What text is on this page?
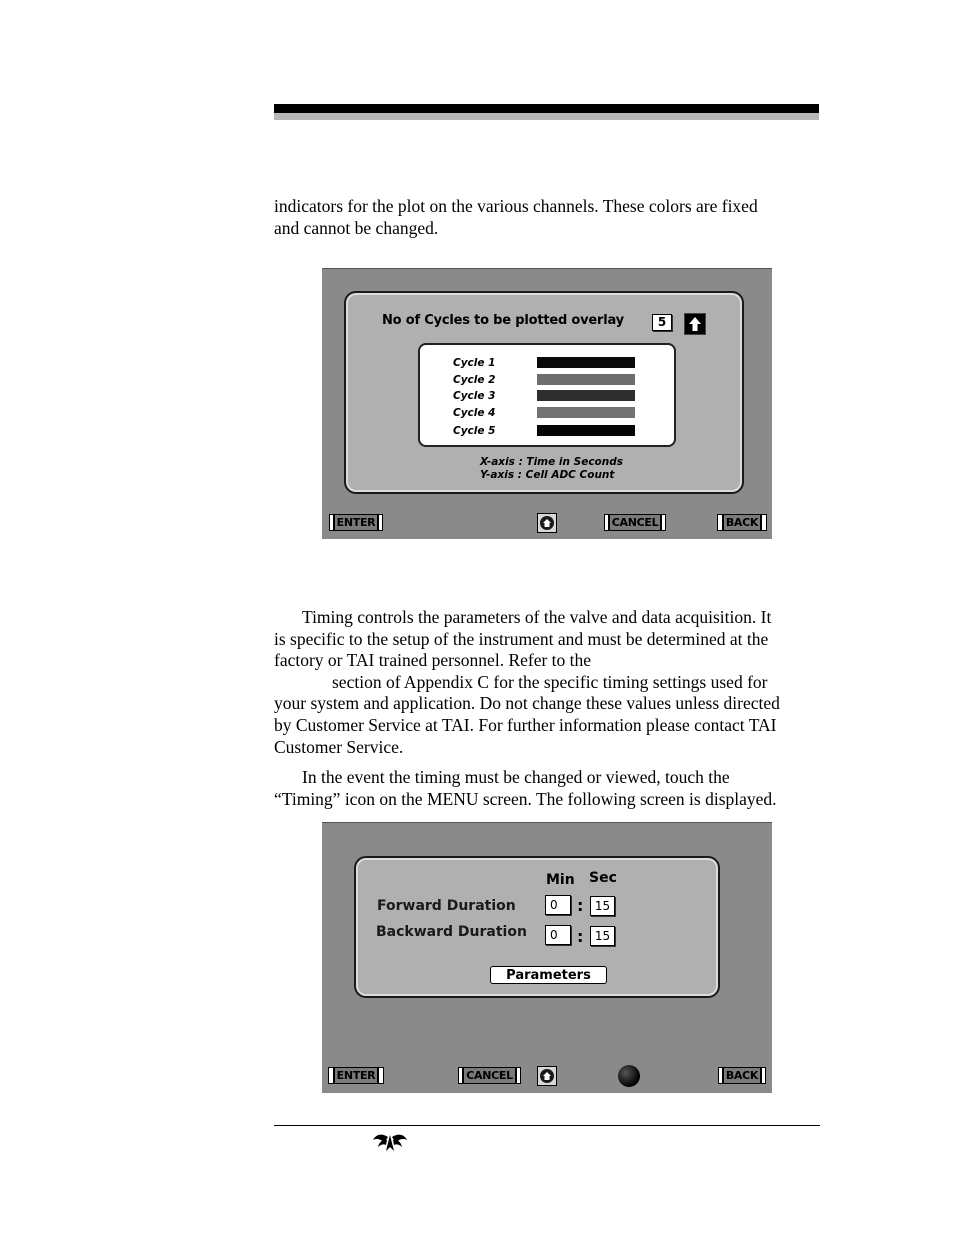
indicators for the plot on the various channels. These colors are fixed
and cannot be changed.

No of Cycles to be plotted overlay	5
Cycle 1
Cycle 2
Cycle 3
Cycle 4
Cycle 5
X-axis : Time in Seconds
Y-axis : Cell ADC Count
ENTER	CANCEL	BACK

Timing controls the parameters of the valve and data acquisition. It
is specific to the setup of the instrument and must be determined at the
factory or TAI trained personnel. Refer to the
section of Appendix C for the specific timing settings used for
your system and application. Do not change these values unless directed
by Customer Service at TAI. For further information please contact TAI
Customer Service.

In the event the timing must be changed or viewed, touch the
“Timing” icon on the MENU screen. The following screen is displayed.

Min Sec
Forward Duration	0	: 15
Backward Duration	0	: 15
Parameters
ENTER	CANCEL	BACK
